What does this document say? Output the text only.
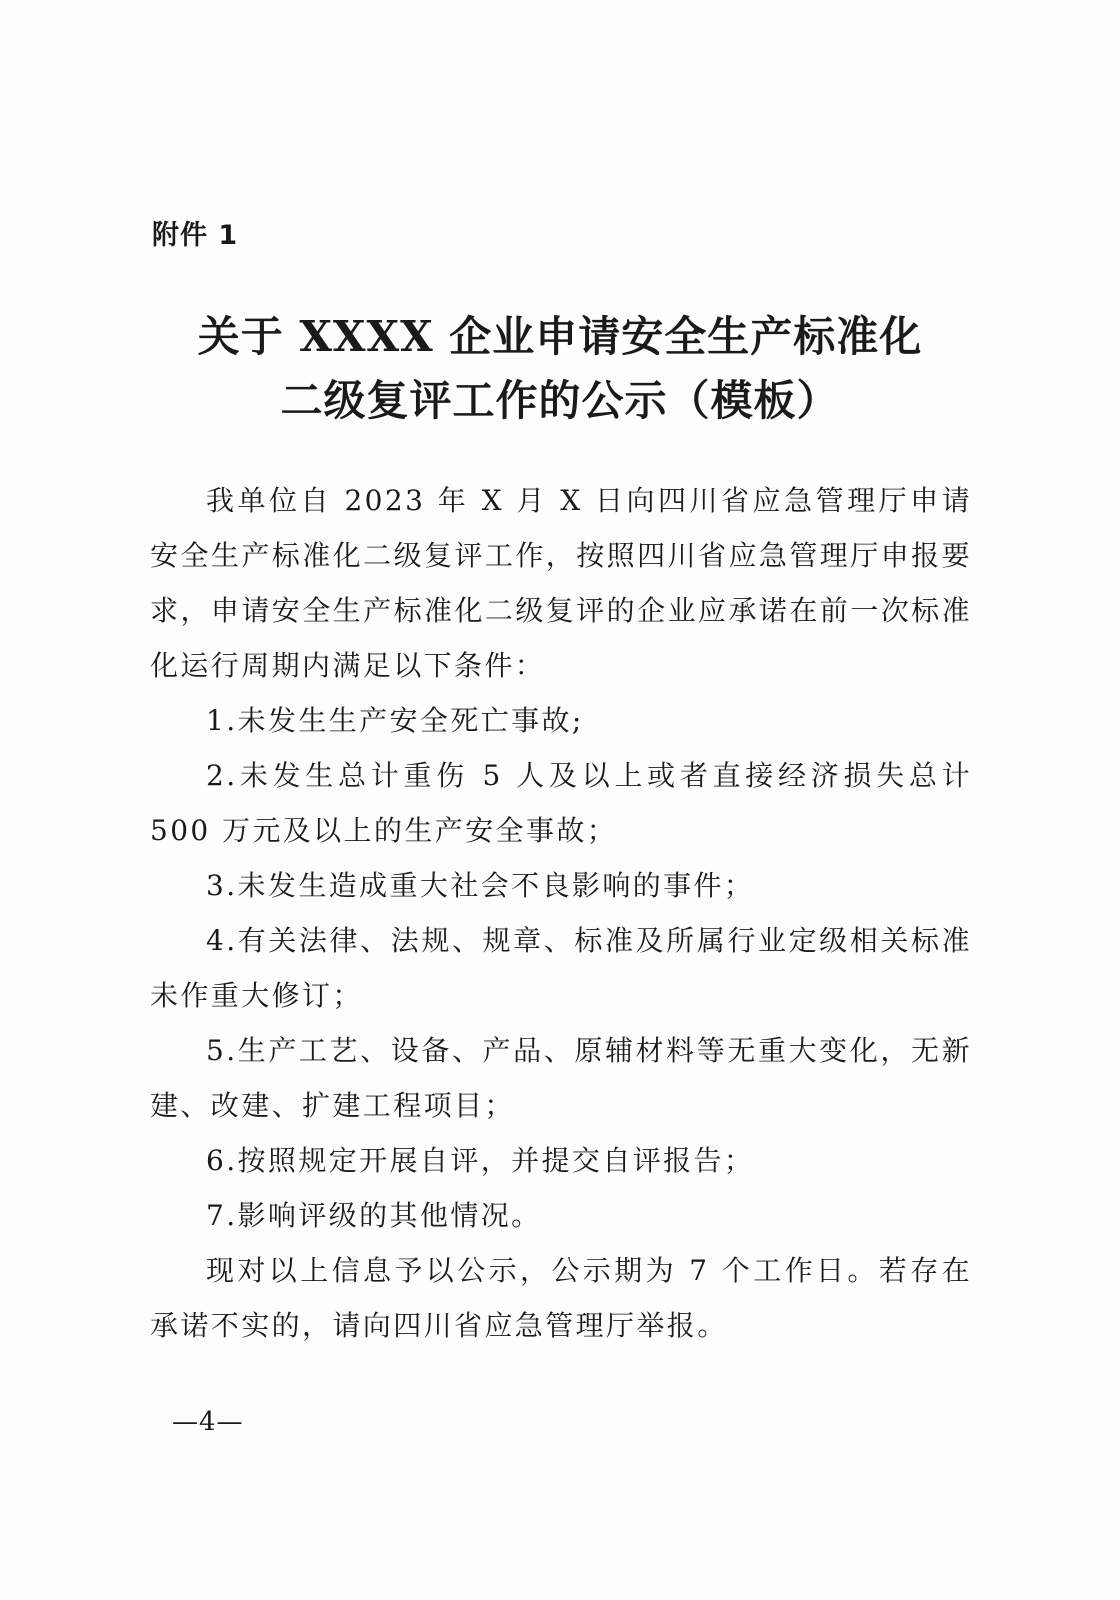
附件 1
关于 XXXX 企业申请安全生产标准化
二级复评工作的公示（模板）

我单位自 2023 年 X 月 X 日向四川省应急管理厅申请安全生产标准化二级复评工作，按照四川省应急管理厅申报要求，申请安全生产标准化二级复评的企业应承诺在前一次标准化运行周期内满足以下条件：

1.未发生生产安全死亡事故;

2.未发生总计重伤 5 人及以上或者直接经济损失总计 500 万元及以上的生产安全事故；

3.未发生造成重大社会不良影响的事件；

4.有关法律、法规、规章、标准及所属行业定级相关标准未作重大修订；

5.生产工艺、设备、产品、原辅材料等无重大变化，无新建、改建、扩建工程项目；

6.按照规定开展自评，并提交自评报告；

7.影响评级的其他情况。

现对以上信息予以公示，公示期为 7 个工作日。若存在承诺不实的，请向四川省应急管理厅举报。

—4—
